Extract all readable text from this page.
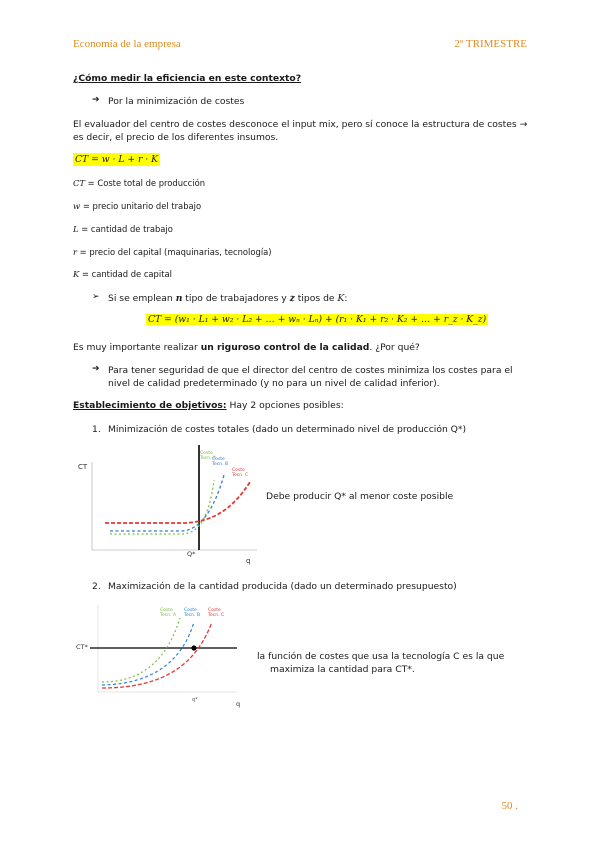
Economía de la empresa	2º TRIMESTRE
¿Cómo medir la eficiencia en este contexto?
➔ Por la minimización de costes
El evaluador del centro de costes desconoce el input mix, pero sí conoce la estructura de costes →
es decir, el precio de los diferentes insumos.
CT = w · L + r · K
CT = Coste total de producción
w = precio unitario del trabajo
L = cantidad de trabajo
r = precio del capital (maquinarias, tecnología)
K = cantidad de capital
➢ Si se emplean n tipo de trabajadores y z tipos de K:
CT = (w₁ · L₁ + w₂ · L₂ + … + wₙ · Lₙ) + (r₁ · K₁ + r₂ · K₂ + … + r_z · K_z)
Es muy importante realizar un riguroso control de la calidad. ¿Por qué?
➔ Para tener seguridad de que el director del centro de costes minimiza los costes para el
nivel de calidad predeterminado (y no para un nivel de calidad inferior).
Establecimiento de objetivos: Hay 2 opciones posibles:
1. Minimización de costes totales (dado un determinado nivel de producción Q*)
CT
q
Q*
Coste
Tecn. A
Coste
Tecn. B
Coste
Tecn. C
Debe producir Q* al menor coste posible
2. Maximización de la cantidad producida (dado un determinado presupuesto)
CT*
q
q*
Coste
Tecn. A
Coste
Tecn. B
Coste
Tecn. C
la función de costes que usa la tecnología C es la que
maximiza la cantidad para CT*.
50 .
